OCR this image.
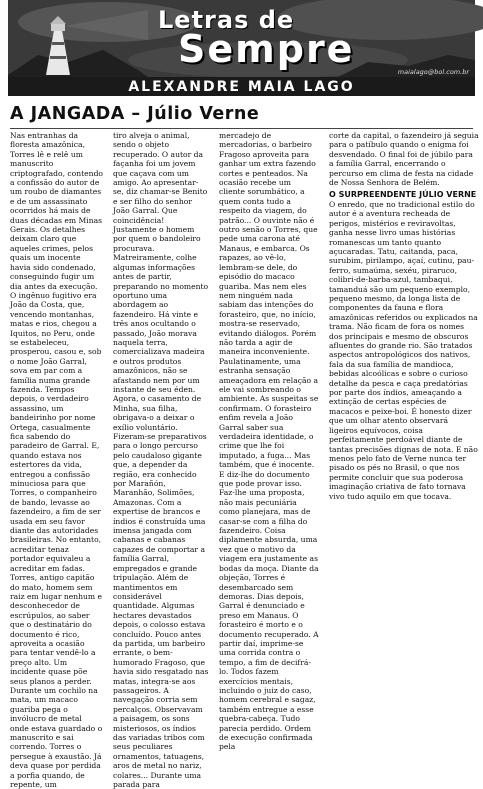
Letras de
Sempre
maialago@bol.com.br
ALEXANDRE MAIA LAGO
A JANGADA – Júlio Verne

Nas entranhas da floresta amazônica, Torres lê e relê um manuscrito criptografado, contendo a confissão do autor de um roubo de diamantes e de um assassinato ocorridos há mais de duas décadas em Minas Gerais. Os detalhes deixam claro que aqueles crimes, pelos quais um inocente havia sido condenado, conseguindo fugir um dia antes da execução. O ingênuo fugitivo era João da Costa, que, vencendo montanhas, matas e rios, chegou a Iquitos, no Peru, onde se estabeleceu, prosperou, casou e, sob o nome João Garral, sova em par com a família numa grande fazenda. Tempos depois, o verdadeiro assassino, um bandeirinho por nome Ortega, casualmente fica sabendo do paradeiro de Garral. E, quando estava nos estertores da vida, entregou a confissão minuciosa para que Torres, o companheiro de bando, levasse ao fazendeiro, a fim de ser usada em seu favor diante das autoridades brasileiras. No entanto, acreditar tenaz portador equivaleu a acreditar em fadas. Torres, antigo capitão do mato, homem sem raiz em lugar nenhum e desconhecedor de escrúpulos, ao saber que o destinatário do documento é rico, aproveita a ocasião para tentar vendê-lo a preço alto. Um incidente quase põe seus planos a perder. Durante um cochilo na mata, um macaco guariba pega o invólucro de metal onde estava guardado o manuscrito e sai correndo. Torres o persegue à exaustão. Já deva quase por perdida a porfia quando, de repente, um

tiro alveja o animal, sendo o objeto recuperado. O autor da façanha foi um jovem que caçava com um amigo. Ao apresentar-se, diz chamar-se Benito e ser filho do senhor João Garral. Que coincidência! Justamente o homem por quem o bandoleiro procurava. Matreiramente, colhe algumas informações antes de partir, preparando no momento oportuno uma abordagem ao fazendeiro. Há vinte e três anos ocultando o passado, João morava naquela terra, comercializava madeira e outros produtos amazônicos, não se afastando nem por um instante de seu éden. Agora, o casamento de Minha, sua filha, obrigava-o a deixar o exílio voluntário. Fizeram-se preparativos para o longo percurso pelo caudaloso gigante que, a depender da região, era conhecido por Marañón, Maranhão, Solimões, Amazonas. Com a expertise de brancos e índios é construída uma imensa jangada com cabanas e cabanas capazes de comportar a família Garral, empregados e grande tripulação. Além de mantimentos em considerável quantidade. Algumas hectares devastados depois, o colosso estava concluído. Pouco antes da partida, um barbeiro errante, o bem-humorado Fragoso, que havia sido resgatado nas matas, integra-se aos passageiros. A navegação corria sem percalços. Observavam a paisagem, os sons misteriosos, os índios das variadas tribos com seus peculiares ornamentos, tatuagens, aros de metal no nariz, colares... Durante uma parada para

mercadejo de mercadorias, o barbeiro Fragoso aproveita para ganhar um extra fazendo cortes e penteados. Na ocasião recebe um cliente sorumbático, a quem conta tudo a respeito da viagem, do patrão... O ouvinte não é outro senão o Torres, que pede uma carona até Manaus, e embarca. Os rapazes, ao vê-lo, lembram-se dele, do episódio do macaco guariba. Mas nem eles nem ninguém nada sabiam das intenções do forasteiro, que, no início, mostra-se reservado, evitando diálogos. Porém não tarda a agir de maneira inconveniente. Paulatinamente, uma estranha sensação ameaçadora em relação a ele vai sombreando o ambiente. As suspeitas se confirmam. O forasteiro enfim revela a João Garral saber sua verdadeira identidade, o crime que lhe foi imputado, a fuga... Mas também, que é inocente. E diz-lhe do documento que pode provar isso. Faz-lhe uma proposta, não mais pecuniária como planejara, mas de casar-se com a filha do fazendeiro. Coisa diplamente absurda, uma vez que o motivo da viagem era justamente as bodas da moça. Diante da objeção, Torres é desembarcado sem demoras. Dias depois, Garral é denunciado e preso em Manaus. O forasteiro é morto e o documento recuperado. A partir daí, imprime-se uma corrida contra o tempo, a fim de decifrá-lo. Todos fazem exercícios mentais, incluindo o juiz do caso, homem cerebral e sagaz, também entregue a esse quebra-cabeça. Tudo parecia perdido. Ordem de execução confirmada pela

corte da capital, o fazendeiro já seguia para o patíbulo quando o enigma foi desvendado. O final foi de júbilo para a família Garral, encerrando o percurso em clima de festa na cidade de Nossa Senhora de Belém.

O SURPREENDENTE JÚLIO VERNE

O enredo, que no tradicional estilo do autor é a aventura recheada de perigos, mistérios e reviravoltas, ganha nesse livro umas histórias romanescas um tanto quanto açucaradas. Tatu, caitanda, paca, surubim, pirilampo, açaí, cutinu, pau-ferro, sumaúma, sexéu, piraruco, colibri-de-barba-azul, tambaqui, tamanduá são um pequeno exemplo, pequeno mesmo, da longa lista de componentes da fauna e flora amazônicas referidos ou explicados na trama. Não ficam de fora os nomes dos principais e mesmo de obscuros afluentes do grande rio. São tratados aspectos antropológicos dos nativos, fala da sua família de mandioca, bebidas alcoólicas e sobre o curioso detalhe da pesca e caça predatórias por parte dos índios, ameaçando a extinção de certas espécies de macacos e peixe-boi. É honesto dizer que um olhar atento observará ligeiros equívocos, coisa perfeitamente perdoável diante de tantas precisões dignas de nota. E não menos pelo fato de Verne nunca ter pisado os pés no Brasil, o que nos permite concluir que sua poderosa imaginação criativa de fato tornava vivo tudo aquilo em que tocava.
